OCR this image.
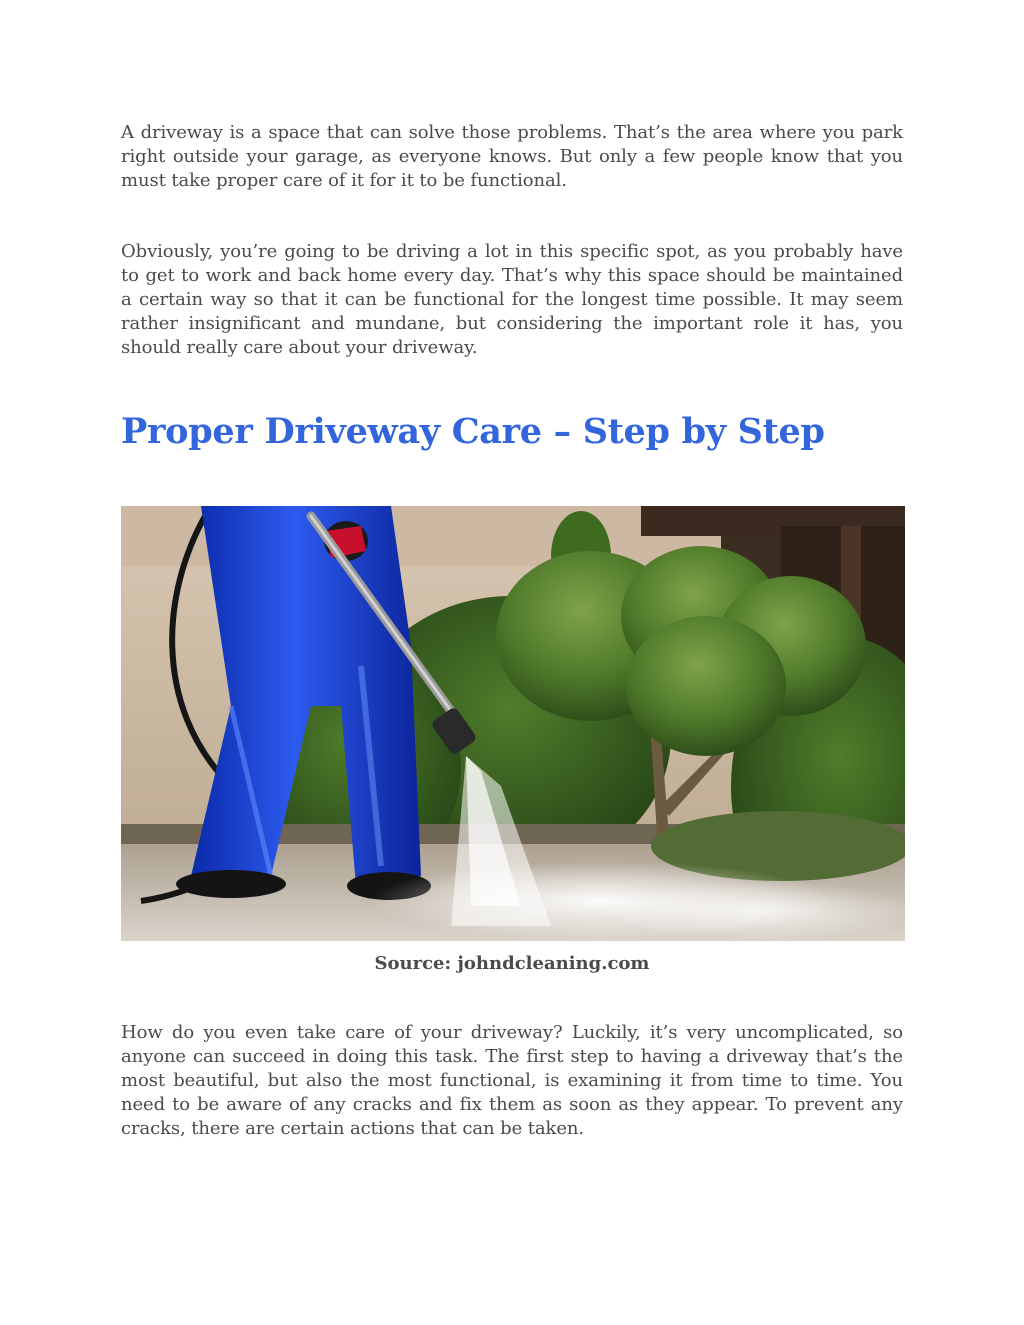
A driveway is a space that can solve those problems. That’s the area where you park right outside your garage, as everyone knows. But only a few people know that you must take proper care of it for it to be functional.

Obviously, you’re going to be driving a lot in this specific spot, as you probably have to get to work and back home every day. That’s why this space should be maintained a certain way so that it can be functional for the longest time possible. It may seem rather insignificant and mundane, but considering the important role it has, you should really care about your driveway.

Proper Driveway Care – Step by Step
Source: johndcleaning.com

How do you even take care of your driveway? Luckily, it’s very uncomplicated, so anyone can succeed in doing this task. The first step to having a driveway that’s the most beautiful, but also the most functional, is examining it from time to time. You need to be aware of any cracks and fix them as soon as they appear. To prevent any cracks, there are certain actions that can be taken.
